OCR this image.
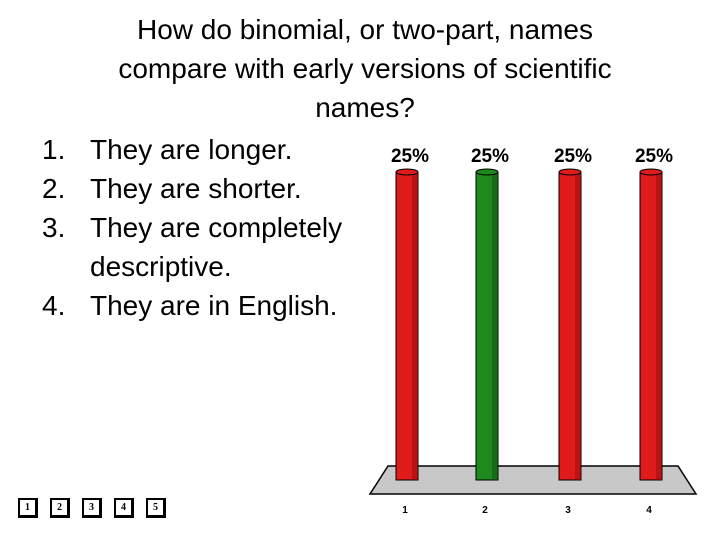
How do binomial, or two-part, names
compare with early versions of scientific
names?
1. They are longer.
2. They are shorter.
3. They are completely descriptive.
4. They are in English.
1	2	3	4	5
25%
1
25%
2
25%
3
25%
4
